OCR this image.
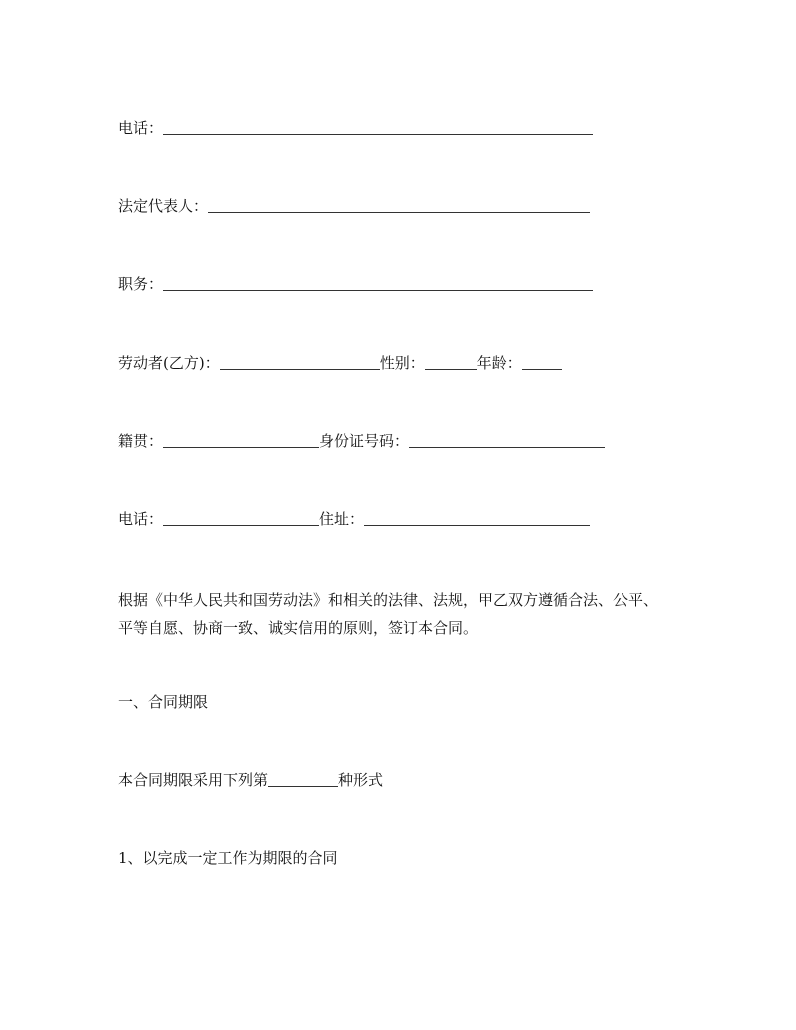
电话：
法定代表人：
职务：
劳动者(乙方)：	性别：	年龄：
籍贯：	身份证号码：
电话：	住址：
根据《中华人民共和国劳动法》和相关的法律、法规，甲乙双方遵循合法、公平、
平等自愿、协商一致、诚实信用的原则，签订本合同。
一、合同期限
本合同期限采用下列第	种形式
1、以完成一定工作为期限的合同
